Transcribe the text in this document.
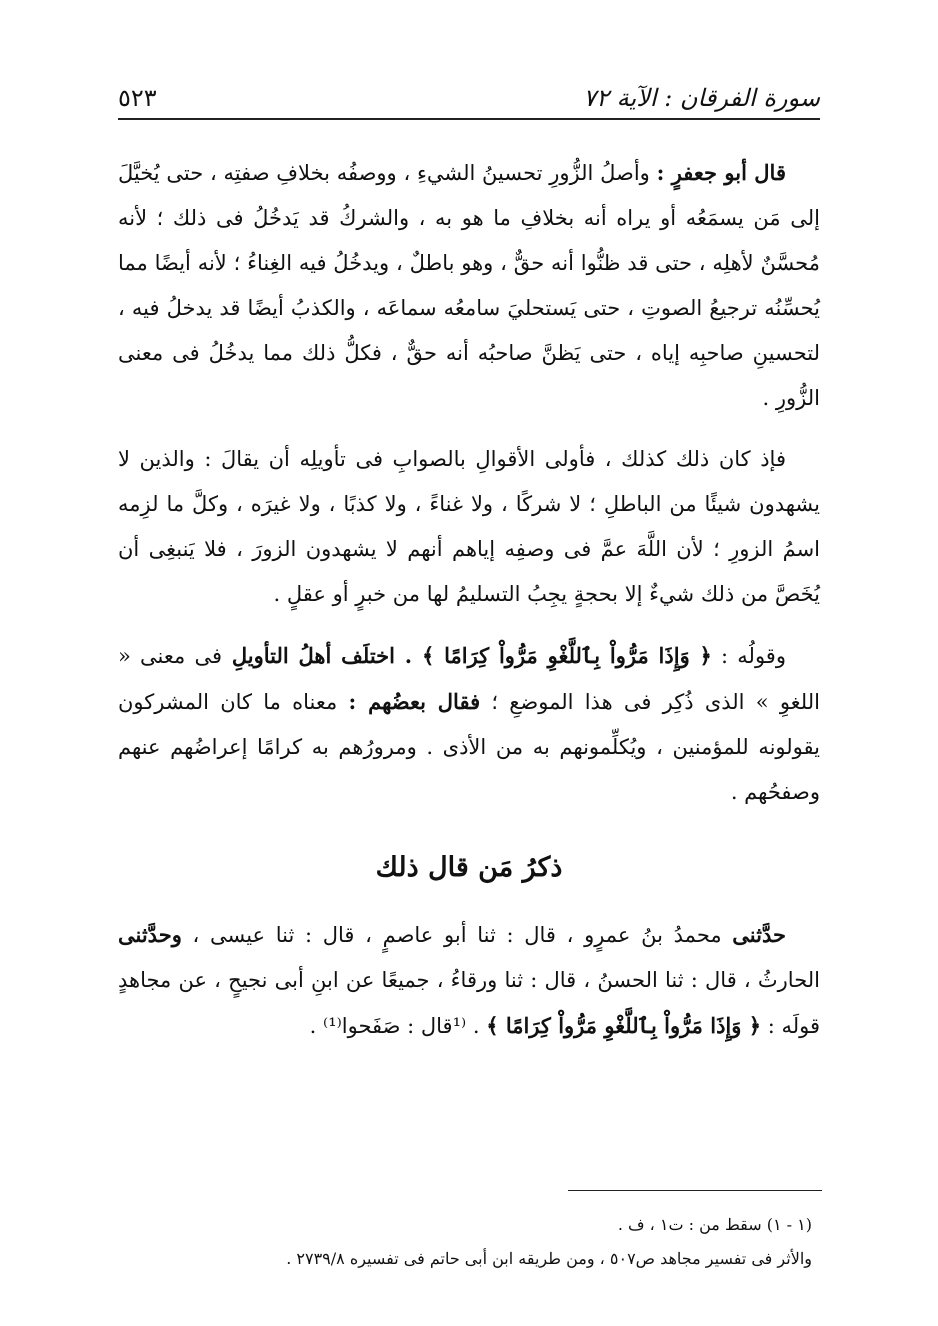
سورة الفرقان : الآية ٧٢
٥٢٣

قال أبو جعفرٍ : وأصلُ الزُّورِ تحسينُ الشيءِ ، ووصفُه بخلافِ صفتِه ، حتى يُخيَّلَ إلى مَن يسمَعُه أو يراه أنه بخلافِ ما هو به ، والشركُ قد يَدخُلُ فى ذلك ؛ لأنه مُحسَّنٌ لأهلِه ، حتى قد ظنُّوا أنه حقٌّ ، وهو باطلٌ ، ويدخُلُ فيه الغِناءُ ؛ لأنه أيضًا مما يُحسِّنُه ترجيعُ الصوتِ ، حتى يَستحليَ سامعُه سماعَه ، والكذبُ أيضًا قد يدخلُ فيه ، لتحسينِ صاحبِه إياه ، حتى يَظنَّ صاحبُه أنه حقٌّ ، فكلُّ ذلك مما يدخُلُ فى معنى الزُّورِ .

فإذ كان ذلك كذلك ، فأولى الأقوالِ بالصوابِ فى تأويلِه أن يقالَ : والذين لا يشهدون شيئًا من الباطلِ ؛ لا شركًا ، ولا غناءً ، ولا كذبًا ، ولا غيرَه ، وكلَّ ما لزِمه اسمُ الزورِ ؛ لأن اللَّهَ عمَّ فى وصفِه إياهم أنهم لا يشهدون الزورَ ، فلا يَنبغِى أن يُخَصَّ من ذلك شيءٌ إلا بحجةٍ يجِبُ التسليمُ لها من خبرٍ أو عقلٍ .

وقولُه : ﴿ وَإِذَا مَرُّواْ بِٱللَّغْوِ مَرُّواْ كِرَامًا ﴾ . اختلَف أهلُ التأويلِ فى معنى « اللغوِ » الذى ذُكِر فى هذا الموضعِ ؛ فقال بعضُهم : معناه ما كان المشركون يقولونه للمؤمنين ، ويُكلِّمونهم به من الأذى . ومرورُهم به كرامًا إعراضُهم عنهم وصفحُهم .

ذكرُ مَن قال ذلك

حدَّثنى محمدُ بنُ عمرٍو ، قال : ثنا أبو عاصمٍ ، قال : ثنا عيسى ، وحدَّثنى الحارثُ ، قال : ثنا الحسنُ ، قال : ثنا ورقاءُ ، جميعًا عن ابنِ أبى نجيحٍ ، عن مجاهدٍ قولَه : ﴿ وَإِذَا مَرُّواْ بِٱللَّغْوِ مَرُّواْ كِرَامًا ﴾ . ⁽¹قال : صَفَحوا⁽¹⁾ .

(١ - ١) سقط من : ت١ ، ف .
والأثر فى تفسير مجاهد ص٥٠٧ ، ومن طريقه ابن أبى حاتم فى تفسيره ٢٧٣٩/٨ .
